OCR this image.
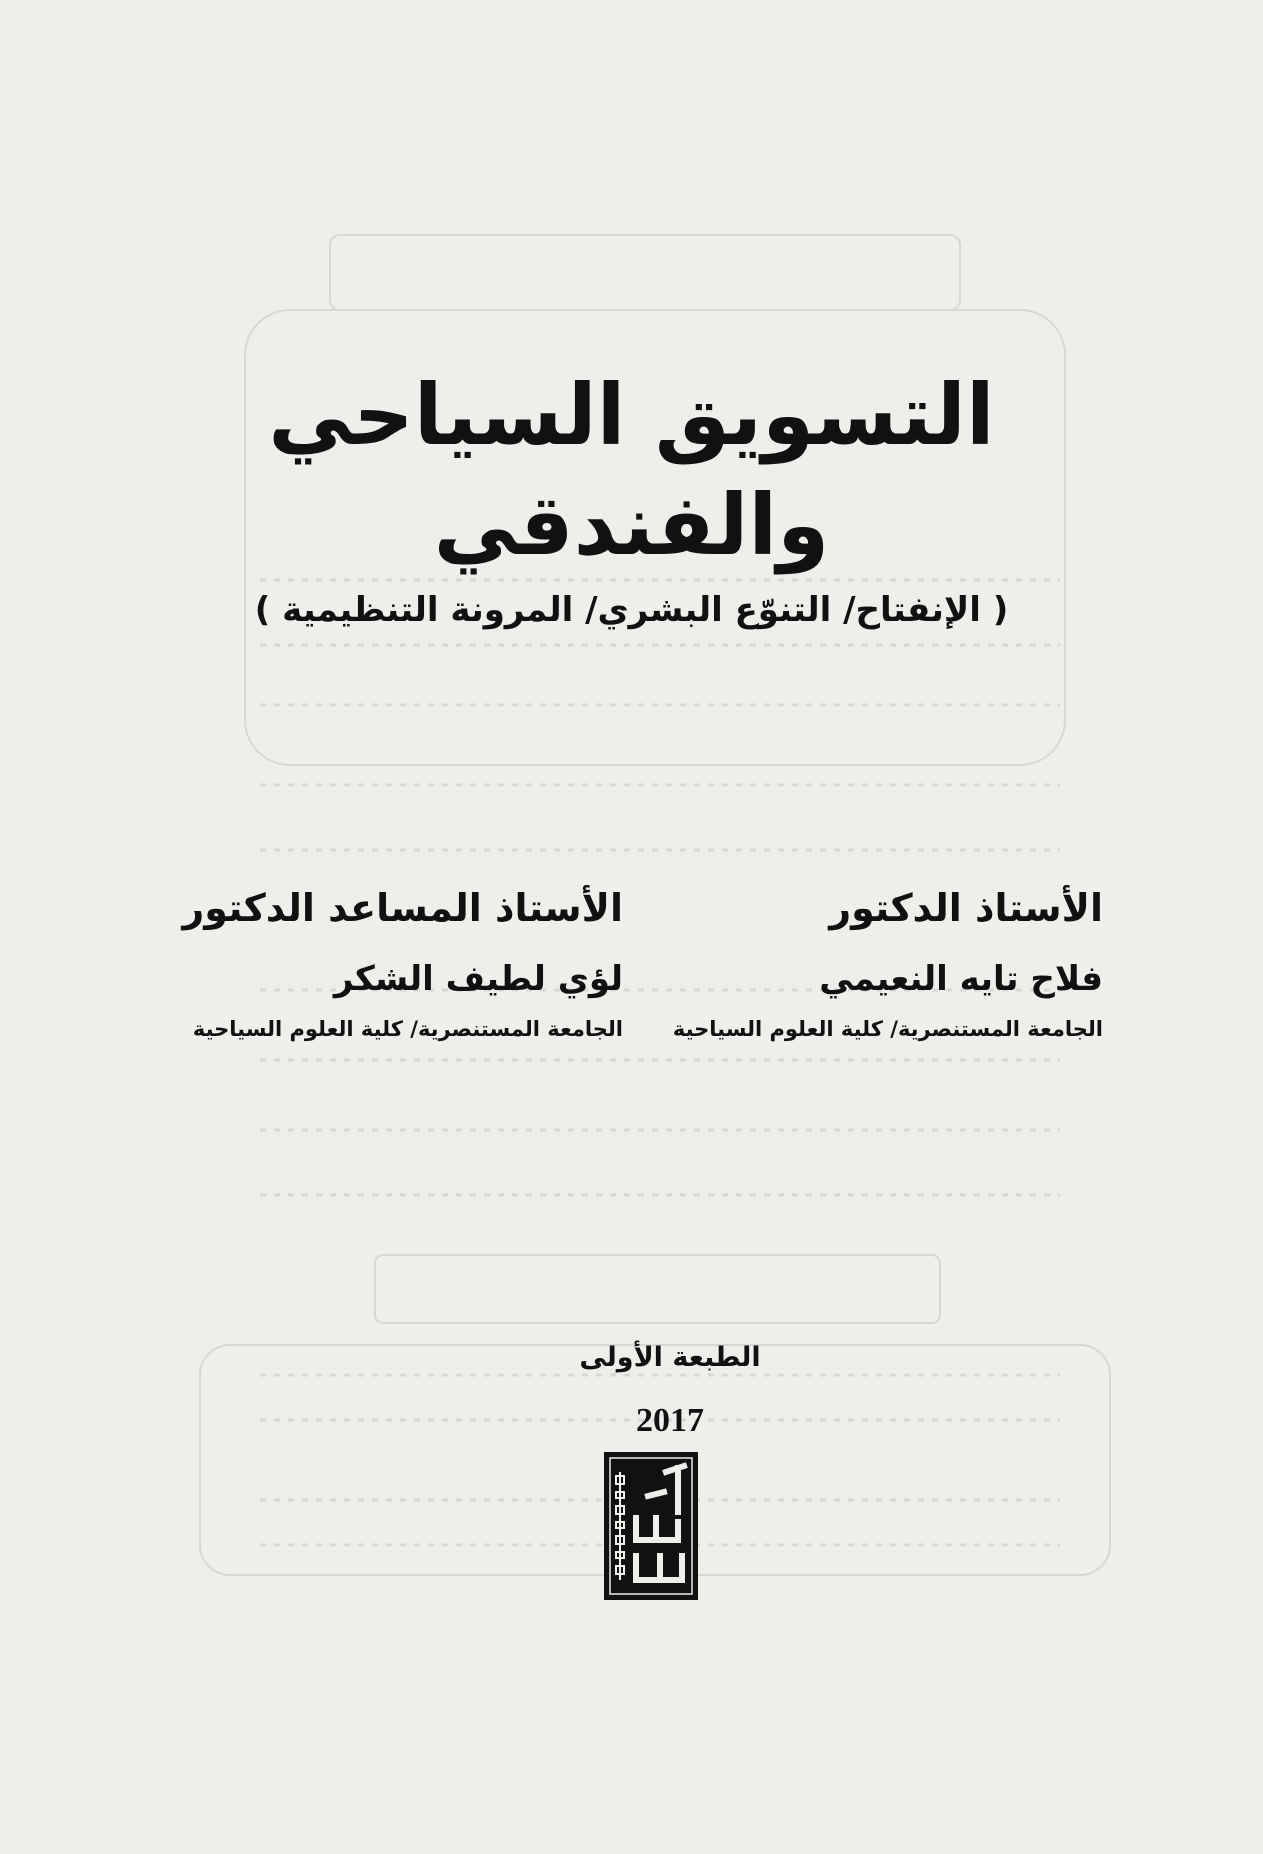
التسويق السياحي والفندقي
( الإنفتاح/ التنوّع البشري/ المرونة التنظيمية )
الأستاذ الدكتور
فلاح تايه النعيمي
الجامعة المستنصرية/ كلية العلوم السياحية
الأستاذ المساعد الدكتور
لؤي لطيف الشكر
الجامعة المستنصرية/ كلية العلوم السياحية
الطبعة الأولى
2017
